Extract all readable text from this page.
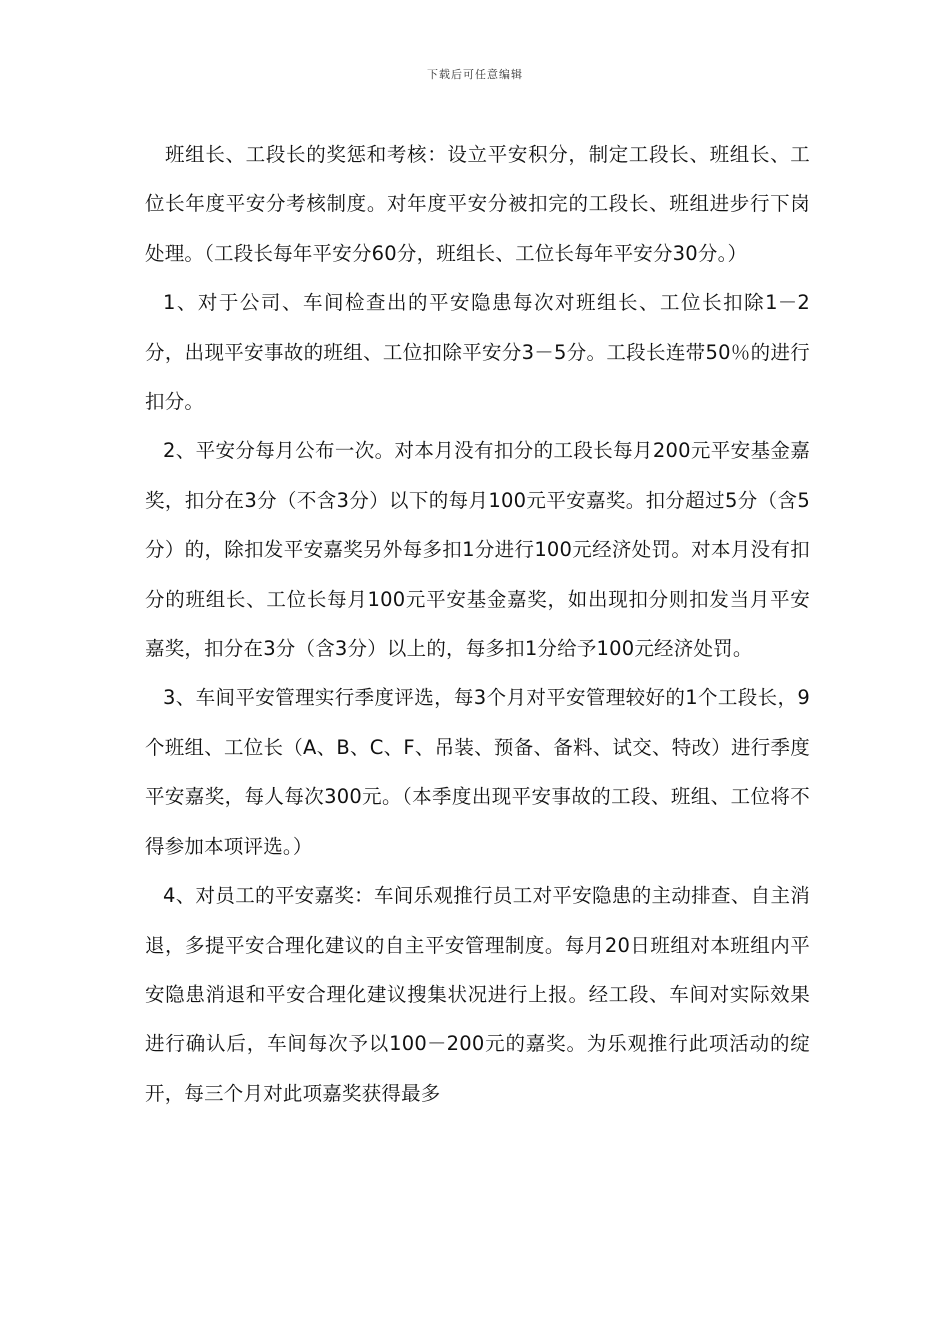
下载后可任意编辑

班组长、工段长的奖惩和考核：设立平安积分，制定工段长、班组长、工位长年度平安分考核制度。对年度平安分被扣完的工段长、班组进步行下岗处理。（工段长每年平安分60分，班组长、工位长每年平安分30分。）

1、对于公司、车间检查出的平安隐患每次对班组长、工位长扣除1－2分，出现平安事故的班组、工位扣除平安分3－5分。工段长连带50％的进行扣分。

2、平安分每月公布一次。对本月没有扣分的工段长每月200元平安基金嘉奖，扣分在3分（不含3分）以下的每月100元平安嘉奖。扣分超过5分（含5分）的，除扣发平安嘉奖另外每多扣1分进行100元经济处罚。对本月没有扣分的班组长、工位长每月100元平安基金嘉奖，如出现扣分则扣发当月平安嘉奖，扣分在3分（含3分）以上的，每多扣1分给予100元经济处罚。

3、车间平安管理实行季度评选，每3个月对平安管理较好的1个工段长，9个班组、工位长（A、B、C、F、吊装、预备、备料、试交、特改）进行季度平安嘉奖，每人每次300元。（本季度出现平安事故的工段、班组、工位将不得参加本项评选。）

4、对员工的平安嘉奖：车间乐观推行员工对平安隐患的主动排查、自主消退，多提平安合理化建议的自主平安管理制度。每月20日班组对本班组内平安隐患消退和平安合理化建议搜集状况进行上报。经工段、车间对实际效果进行确认后，车间每次予以100－200元的嘉奖。为乐观推行此项活动的绽开，每三个月对此项嘉奖获得最多
